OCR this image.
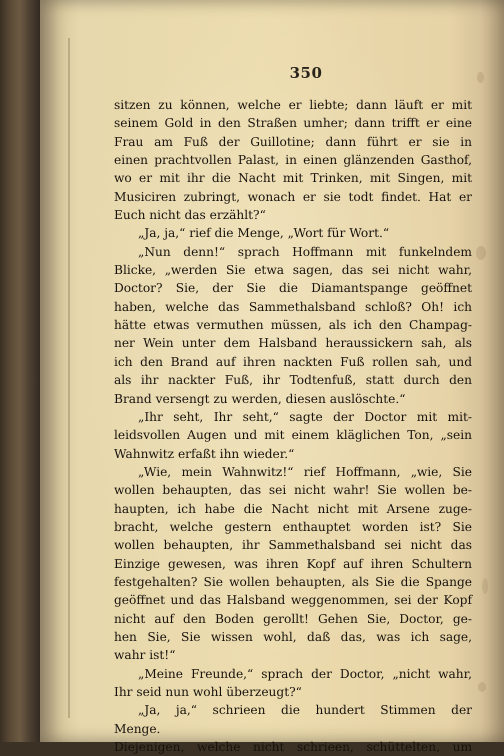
350
sitzen zu können, welche er liebte; dann läuft er mit
seinem Gold in den Straßen umher; dann trifft er eine
Frau am Fuß der Guillotine; dann führt er sie in
einen prachtvollen Palast, in einen glänzenden Gasthof,
wo er mit ihr die Nacht mit Trinken, mit Singen, mit
Musiciren zubringt, wonach er sie todt findet. Hat er
Euch nicht das erzählt?“
„Ja, ja,“ rief die Menge, „Wort für Wort.“
„Nun denn!“ sprach Hoffmann mit funkelndem
Blicke, „werden Sie etwa sagen, das sei nicht wahr,
Doctor? Sie, der Sie die Diamantspange geöffnet
haben, welche das Sammethalsband schloß? Oh! ich
hätte etwas vermuthen müssen, als ich den Champag-
ner Wein unter dem Halsband heraussickern sah, als
ich den Brand auf ihren nackten Fuß rollen sah, und
als ihr nackter Fuß, ihr Todtenfuß, statt durch den
Brand versengt zu werden, diesen auslöschte.“
„Ihr seht, Ihr seht,“ sagte der Doctor mit mit-
leidsvollen Augen und mit einem kläglichen Ton, „sein
Wahnwitz erfaßt ihn wieder.“
„Wie, mein Wahnwitz!“ rief Hoffmann, „wie, Sie
wollen behaupten, das sei nicht wahr! Sie wollen be-
haupten, ich habe die Nacht nicht mit Arsene zuge-
bracht, welche gestern enthauptet worden ist? Sie
wollen behaupten, ihr Sammethalsband sei nicht das
Einzige gewesen, was ihren Kopf auf ihren Schultern
festgehalten? Sie wollen behaupten, als Sie die Spange
geöffnet und das Halsband weggenommen, sei der Kopf
nicht auf den Boden gerollt! Gehen Sie, Doctor, ge-
hen Sie, Sie wissen wohl, daß das, was ich sage,
wahr ist!“
„Meine Freunde,“ sprach der Doctor, „nicht wahr,
Ihr seid nun wohl überzeugt?“
„Ja, ja,“ schrieen die hundert Stimmen der
Menge.
Diejenigen, welche nicht schrieen, schüttelten, um
